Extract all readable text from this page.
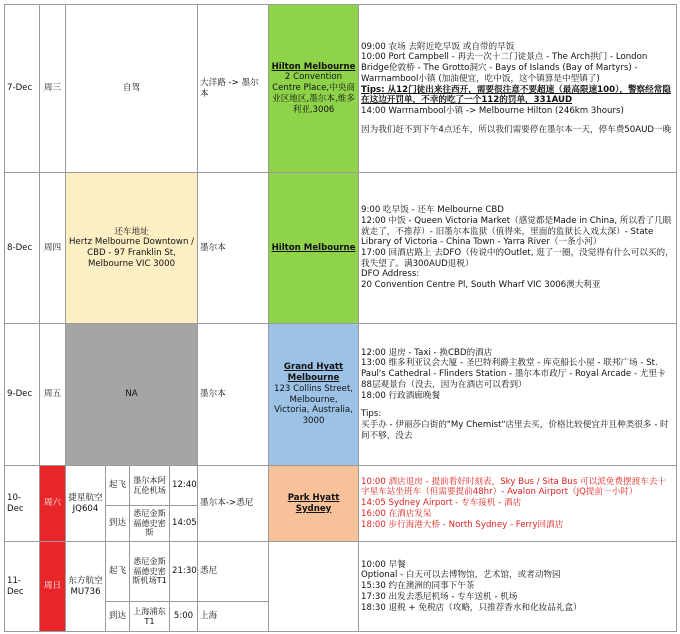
7-Dec	周三	自驾				大洋路 -> 墨尔本	Hilton Melbourne
2 Convention Centre Place,中央商业区地区,墨尔本,维多利亚,3006	09:00 农场 去附近吃早饭 或自带的早饭
10:00 Port Campbell - 再去一次十二门徒景点 - The Arch拱门 - London Bridge伦敦桥 - The Grotto洞穴 - Bays of Islands (Bay of Martyrs) - Warrnambool小镇 (加油便宜，吃中饭，这个镇算是中型镇了)
Tips: 从12门徒出来往西开，需要很注意不要超速（最高限速100），警察经常隐在这边开罚单，不幸的吃了一个112的罚单，331AUD
14:00 Warrnambool小镇 -> Melbourne Hilton (246km 3hours)
因为我们赶不到下午4点还车，所以我们需要停在墨尔本一天，停车费50AUD一晚

8-Dec	周四	还车地址
Hertz Melbourne Downtown / CBD - 97 Franklin St, Melbourne VIC 3000				墨尔本	Hilton Melbourne	9:00 吃早饭 - 还车 Melbourne CBD
12:00 中饭 - Queen Victoria Market（感觉都是Made in China, 所以看了几眼就走了，不推荐）- 旧墨尔本监狱（值得来，里面的监狱长入戏太深）- State Library of Victoria - China Town - Yarra River（一条小河）
17:00 回酒店路上 去DFO（传说中的Outlet, 逛了一圈，没觉得有什么可以买的，我失望了。满300AUD退税）
DFO Address:
20 Convention Centre Pl, South Wharf VIC 3006澳大利亚

9-Dec	周五	NA				墨尔本	Grand Hyatt Melbourne
123 Collins Street, Melbourne, Victoria, Australia, 3000	12:00 退房 - Taxi - 换CBD的酒店
13:00 维多利亚议会大厦 - 圣巴特利爵主教堂 - 库克船长小屋 - 联邦广场 - St. Paul's Cathedral - Flinders Station - 墨尔本市政厅 - Royal Arcade - 尤里卡88层观景台（没去，因为在酒店可以看到）
18:00 行政酒廊晚餐
Tips:
买手办 - 伊丽莎白街的"My Chemist"店里去买，价格比较便宜并且种类很多 - 时间不够，没去

10-Dec	周六	捷星航空
JQ604	起飞	墨尔本阿瓦伦机场	12:40	墨尔本->悉尼	Park Hyatt Sydney	10:00 酒店退房 - 提前看好时刻表，Sky Bus / Sita Bus 可以派免费摆渡车去十字星车站坐班车（但需要提前48hr）- Avalon Airport（JQ提前一小时）
14:05 Sydney Airport - 专车接机 - 酒店
16:00 在酒店发呆
18:00 步行海港大桥 - North Sydney - Ferry回酒店

			到达	悉尼金斯福德史密斯	14:05			
11-Dec	周日	东方航空
MU736	起飞	悉尼金斯福德史密斯机场T1	21:30	悉尼		10:00 早餐
Optional - 白天可以去博物馆，艺术馆，或者动物园
15:30 约在澳洲的同事下午茶
17:30 出发去悉尼机场 - 专车送机 - 机场
18:30 退税 + 免税店（攻略，只推荐香水和化妆品礼盒）

			到达	上海浦东T1	5:00	上海		
